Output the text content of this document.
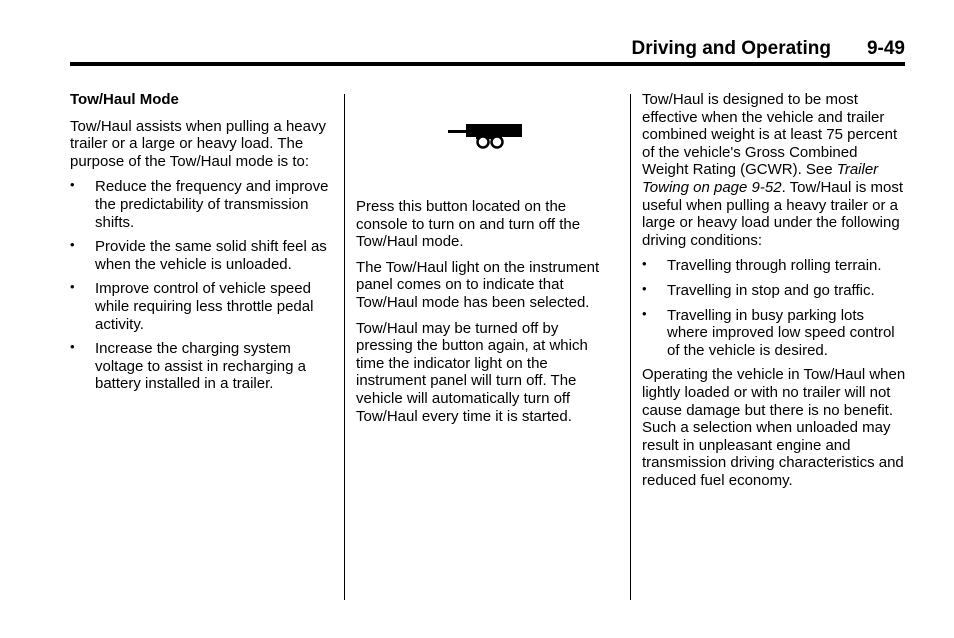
Driving and Operating 9-49
Tow/Haul Mode

Tow/Haul assists when pulling a heavy trailer or a large or heavy load. The purpose of the Tow/Haul mode is to:

• Reduce the frequency and improve the predictability of transmission shifts.
• Provide the same solid shift feel as when the vehicle is unloaded.
• Improve control of vehicle speed while requiring less throttle pedal activity.
• Increase the charging system voltage to assist in recharging a battery installed in a trailer.

Press this button located on the console to turn on and turn off the Tow/Haul mode.

The Tow/Haul light on the instrument panel comes on to indicate that Tow/Haul mode has been selected.

Tow/Haul may be turned off by pressing the button again, at which time the indicator light on the instrument panel will turn off. The vehicle will automatically turn off Tow/Haul every time it is started.

Tow/Haul is designed to be most effective when the vehicle and trailer combined weight is at least 75 percent of the vehicle's Gross Combined Weight Rating (GCWR). See Trailer Towing on page 9-52. Tow/Haul is most useful when pulling a heavy trailer or a large or heavy load under the following driving conditions:

• Travelling through rolling terrain.
• Travelling in stop and go traffic.
• Travelling in busy parking lots where improved low speed control of the vehicle is desired.

Operating the vehicle in Tow/Haul when lightly loaded or with no trailer will not cause damage but there is no benefit. Such a selection when unloaded may result in unpleasant engine and transmission driving characteristics and reduced fuel economy.
